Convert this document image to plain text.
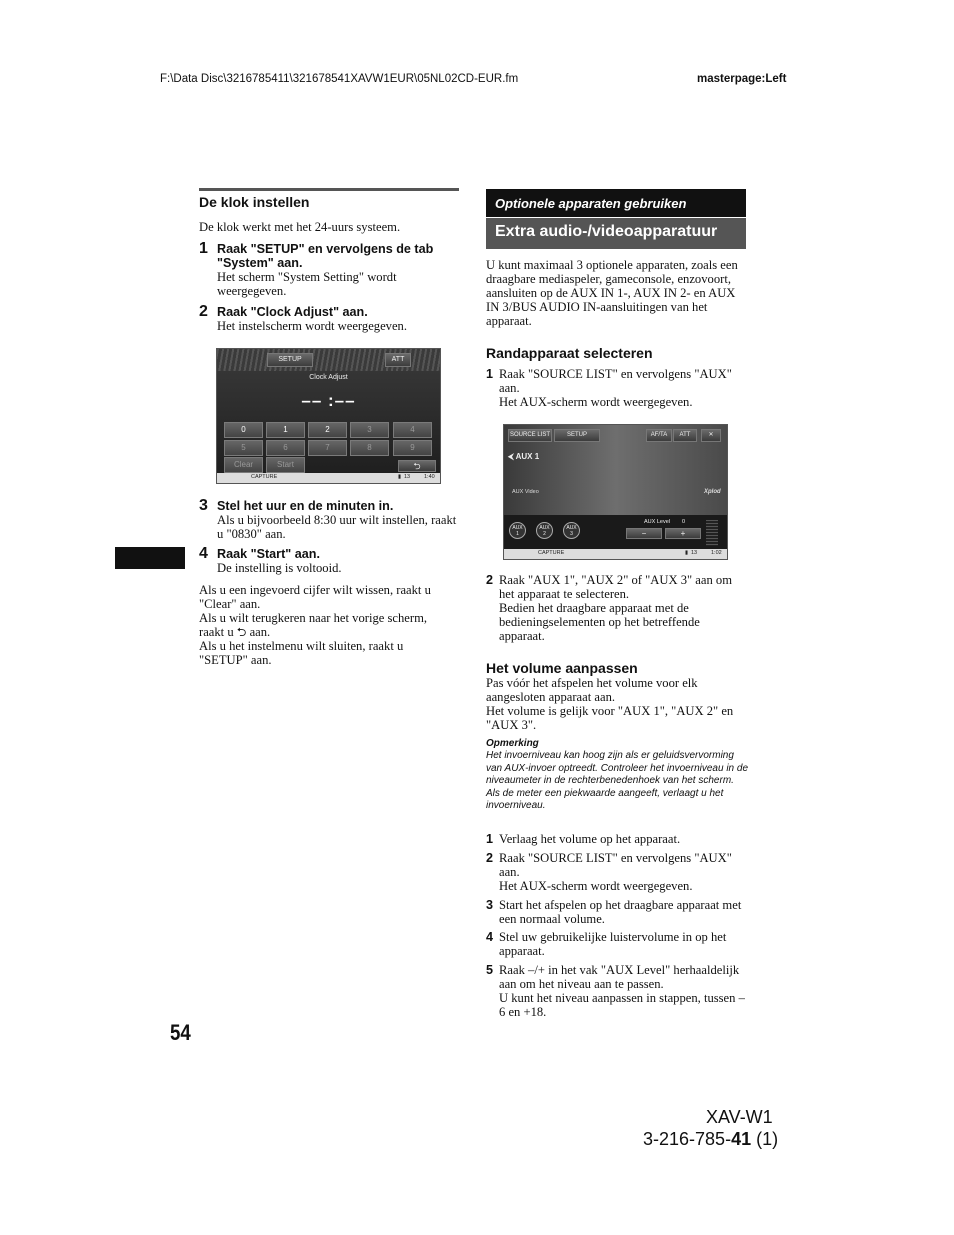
F:\Data Disc\3216785411\321678541XAVW1EUR\05NL02CD-EUR.fm	masterpage:Left
De klok instellen
De klok werkt met het 24-uurs systeem.
1 Raak "SETUP" en vervolgens de tab "System" aan.
Het scherm "System Setting" wordt weergegeven.
2 Raak "Clock Adjust" aan.
Het instelscherm wordt weergegeven.
SETUP	ATT
Clock Adjust
–– :––
0	1	2	3	4
5	6	7	8	9
Clear	Start	⮌
CAPTURE	▮ 13	1:40
3 Stel het uur en de minuten in.
Als u bijvoorbeeld 8:30 uur wilt instellen, raakt u "0830" aan.
4 Raak "Start" aan.
De instelling is voltooid.
Als u een ingevoerd cijfer wilt wissen, raakt u "Clear" aan.
Als u wilt terugkeren naar het vorige scherm, raakt u ⮌ aan.
Als u het instelmenu wilt sluiten, raakt u "SETUP" aan.
Optionele apparaten gebruiken
Extra audio-/videoapparatuur
U kunt maximaal 3 optionele apparaten, zoals een draagbare mediaspeler, gameconsole, enzovoort, aansluiten op de AUX IN 1-, AUX IN 2- en AUX IN 3/BUS AUDIO IN-aansluitingen van het apparaat.
Randapparaat selecteren
1 Raak "SOURCE LIST" en vervolgens "AUX" aan.
Het AUX-scherm wordt weergegeven.
SOURCE LIST	SETUP	AF/TA	ATT	✕
⮜ AUX 1
AUX Video	Xplod
AUX
1
AUX
2
AUX
3
AUX Level 0
−	+
CAPTURE	▮ 13	1:02
2 Raak "AUX 1", "AUX 2" of "AUX 3" aan om het apparaat te selecteren.
Bedien het draagbare apparaat met de bedieningselementen op het betreffende apparaat.
Het volume aanpassen
Pas vóór het afspelen het volume voor elk aangesloten apparaat aan.
Het volume is gelijk voor "AUX 1", "AUX 2" en "AUX 3".
Opmerking
Het invoerniveau kan hoog zijn als er geluidsvervorming van AUX-invoer optreedt. Controleer het invoerniveau in de niveaumeter in de rechterbenedenhoek van het scherm.
Als de meter een piekwaarde aangeeft, verlaagt u het invoerniveau.
1 Verlaag het volume op het apparaat.
2 Raak "SOURCE LIST" en vervolgens "AUX" aan.
Het AUX-scherm wordt weergegeven.
3 Start het afspelen op het draagbare apparaat met een normaal volume.
4 Stel uw gebruikelijke luistervolume in op het apparaat.
5 Raak –/+ in het vak "AUX Level" herhaaldelijk aan om het niveau aan te passen.
U kunt het niveau aanpassen in stappen, tussen –6 en +18.
54
XAV-W1
3-216-785-41 (1)
